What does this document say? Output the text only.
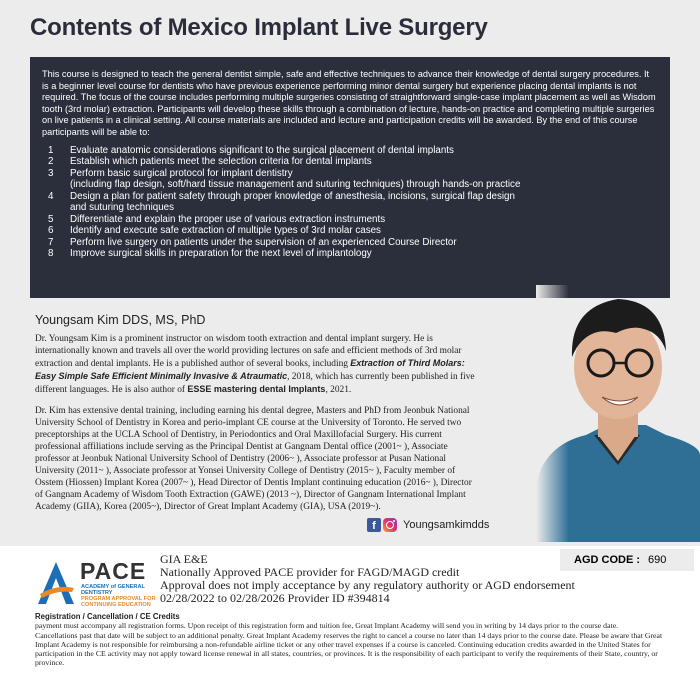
Contents of Mexico Implant Live Surgery

This course is designed to teach the general dentist simple, safe and effective techniques to advance their knowledge of dental surgery procedures. It is a beginner level course for dentists who have previous experience performing minor dental surgery but experience placing dental implants is not required. The focus of the course includes performing multiple surgeries consisting of straightforward single-case implant placement as well as Wisdom tooth (3rd molar) extraction. Participants will develop these skills through a combination of lecture, hands-on practice and completing multiple surgeries on live patients in a clinical setting. All course materials are included and lecture and participation credits will be awarded. By the end of this course participants will be able to:

1	Evaluate anatomic considerations significant to the surgical placement of dental implants
2	Establish which patients meet the selection criteria for dental implants
3	Perform basic surgical protocol for implant dentistry
(including flap design, soft/hard tissue management and suturing techniques) through hands-on practice
4	Design a plan for patient safety through proper knowledge of anesthesia, incisions, surgical flap design
and suturing techniques
5	Differentiate and explain the proper use of various extraction instruments
6	Identify and execute safe extraction of multiple types of 3rd molar cases
7	Perform live surgery on patients under the supervision of an experienced Course Director
8	Improve surgical skills in preparation for the next level of implantology
Youngsam Kim DDS, MS, PhD

Dr. Youngsam Kim is a prominent instructor on wisdom tooth extraction and dental implant surgery. He is internationally known and travels all over the world providing lectures on safe and efficient methods of 3rd molar extraction and dental implants. He is a published author of several books, including Extraction of Third Molars: Easy Simple Safe Efficient Minimally Invasive & Atraumatic, 2018, which has currently been published in five different languages. He is also author of ESSE mastering dental Implants, 2021.

Dr. Kim has extensive dental training, including earning his dental degree, Masters and PhD from Jeonbuk National University School of Dentistry in Korea and perio-implant CE course at the University of Toronto. He served two preceptorships at the UCLA School of Dentistry, in Periodontics and Oral Maxillofacial Surgery. His current professional affiliations include serving as the Principal Dentist at Gangnam Dental office (2001~ ), Associate professor at Jeonbuk National University School of Dentistry (2006~ ), Associate professor at Pusan National University (2011~ ), Associate professor at Yonsei University College of Dentistry (2015~ ), Faculty member of Osstem (Hiossen) Implant Korea (2007~ ), Head Director of Dentis Implant continuing education (2016~ ), Director of Gangnam Academy of Wisdom Tooth Extraction (GAWE) (2013 ~), Director of Gangnam International Implant Academy (GIIA), Korea (2005~), Director of Great Implant Academy (GIA), USA (2019~).

f	Youngsamkimdds
PACE
ACADEMY of GENERAL DENTISTRY
PROGRAM APPROVAL FOR CONTINUING EDUCATION
GIA E&E
Nationally Approved PACE provider for FAGD/MAGD credit
Approval does not imply acceptance by any regulatory authority or AGD endorsement
02/28/2022 to 02/28/2026 Provider ID #394814
AGD CODE : 690
Registration / Cancellation / CE Credits

payment must accompany all registration forms. Upon receipt of this registration form and tuition fee, Great Implant Academy will send you in writing by 14 days prior to the course date.

Cancellations past that date will be subject to an additional penalty. Great Implant Academy reserves the right to cancel a course no later than 14 days prior to the course date. Please be aware that Great Implant Academy is not responsible for reimbursing a non-refundable airline ticket or any other travel expenses if a course is canceled. Continuing education credits awarded in the United States for participation in the CE activity may not apply toward license renewal in all states, countries, or provinces. It is the responsibility of each participant to verify the requirements of their State, country, or province.
